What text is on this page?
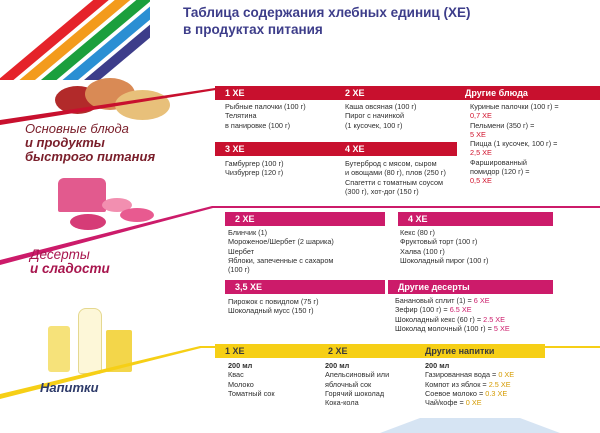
Таблица содержания хлебных единиц (ХЕ)
в продуктах питания
Основные блюда
и продукты
быстрого питания
1 ХЕ
Рыбные палочки (100 г)
Телятина
в панировке (100 г)
2 ХЕ
Каша овсяная (100 г)
Пирог с начинкой
(1 кусочек, 100 г)
Другие блюда
Куриные палочки (100 г) =
0,7 ХЕ
Пельмени (350 г) =
5 ХЕ
Пицца (1 кусочек, 100 г) =
2,5 ХЕ
Фаршированный
помидор (120 г) =
0,5 ХЕ
3 ХЕ
Гамбургер (100 г)
Чизбургер (120 г)
4 ХЕ
Бутерброд с мясом, сыром
и овощами (80 г), плов (250 г)
Спагетти с томатным соусом
(300 г), хот-дог (150 г)
Десерты
и сладости
2 ХЕ
Блинчик (1)
Мороженое/Шербет (2 шарика)
Шербет
Яблоки, запеченные с сахаром
(100 г)
4 ХЕ
Кекс (80 г)
Фруктовый торт (100 г)
Халва (100 г)
Шоколадный пирог (100 г)
3,5 ХЕ
Пирожок с повидлом (75 г)
Шоколадный мусс (150 г)
Другие десерты
Банановый сплит (1) = 6 ХЕ
Зефир (100 г) = 6.5 ХЕ
Шоколадный кекс (60 г) = 2.5 ХЕ
Шоколад молочный (100 г) = 5 ХЕ
Напитки
1 ХЕ
200 мл
Квас
Молоко
Томатный сок
2 ХЕ
200 мл
Апельсиновый или
яблочный сок
Горячий шоколад
Кока-кола
Другие напитки
200 мл
Газированная вода = 0 ХЕ
Компот из яблок = 2.5 ХЕ
Соевое молоко = 0.3 ХЕ
Чай/кофе = 0 ХЕ
